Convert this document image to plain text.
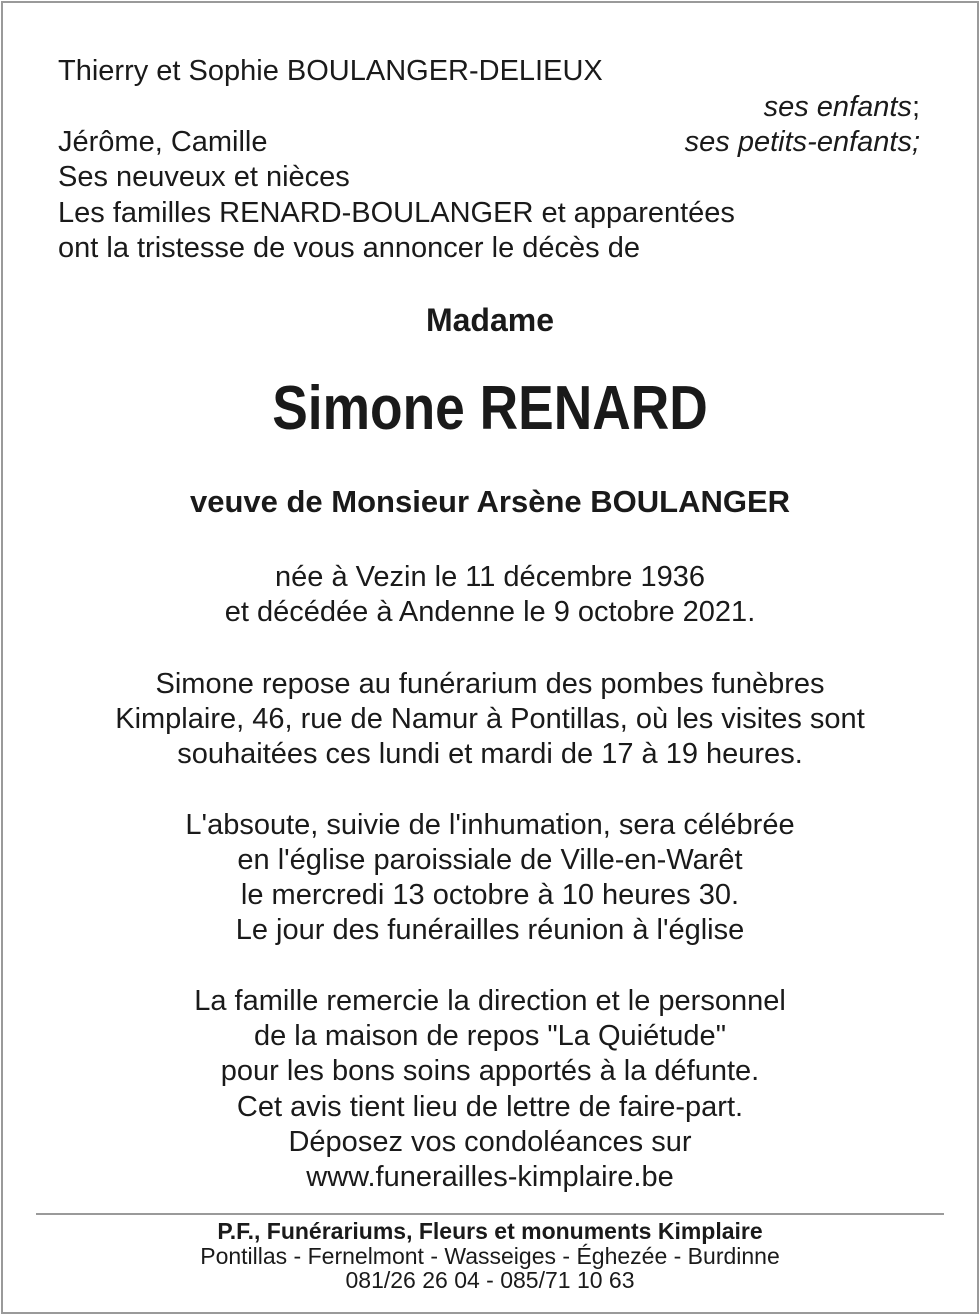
Thierry et Sophie BOULANGER-DELIEUX
ses enfants;
Jérôme, Camille	ses petits-enfants;
Ses neuveux et nièces
Les familles RENARD-BOULANGER et apparentées
ont la tristesse de vous annoncer le décès de
Madame
Simone RENARD
veuve de Monsieur Arsène BOULANGER
née à Vezin le 11 décembre 1936
et décédée à Andenne le 9 octobre 2021.
Simone repose au funérarium des pombes funèbres
Kimplaire, 46, rue de Namur à Pontillas, où les visites sont
souhaitées ces lundi et mardi de 17 à 19 heures.
L'absoute, suivie de l'inhumation, sera célébrée
en l'église paroissiale de Ville-en-Warêt
le mercredi 13 octobre à 10 heures 30.
Le jour des funérailles réunion à l'église
La famille remercie la direction et le personnel
de la maison de repos "La Quiétude"
pour les bons soins apportés à la défunte.
Cet avis tient lieu de lettre de faire-part.
Déposez vos condoléances sur
www.funerailles-kimplaire.be
P.F., Funérariums, Fleurs et monuments Kimplaire
Pontillas - Fernelmont - Wasseiges - Éghezée - Burdinne
081/26 26 04 - 085/71 10 63
